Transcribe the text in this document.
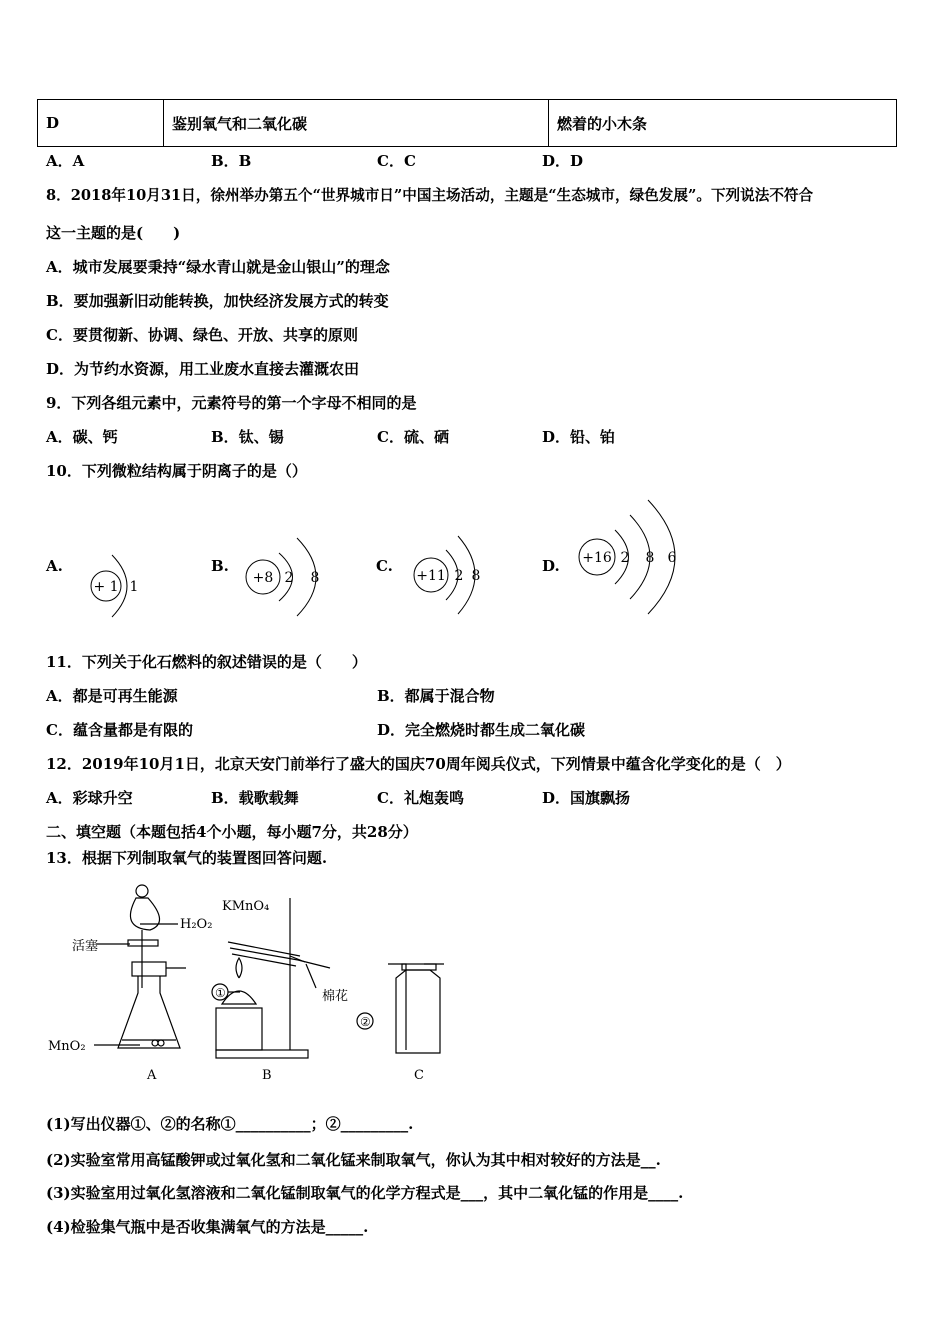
D	鉴别氧气和二氧化碳	燃着的小木条
A．A	B．B	C．C	D．D
8．2018年10月31日，徐州举办第五个“世界城市日”中国主场活动，主题是“生态城市，绿色发展”。下列说法不符合
这一主题的是(　　)
A．城市发展要秉持“绿水青山就是金山银山”的理念
B．要加强新旧动能转换，加快经济发展方式的转变
C．要贯彻新、协调、绿色、开放、共享的原则
D．为节约水资源，用工业废水直接去灌溉农田
9．下列各组元素中，元素符号的第一个字母不相同的是
A．碳、钙	B．钛、锡	C．硫、硒	D．铅、铂
10．下列微粒结构属于阴离子的是（）
A.
+ 1 1
B.
+8 2 8
C.
+11 2 8
D. +16 2 8 6
11．下列关于化石燃料的叙述错误的是（　　）
A．都是可再生能源	B．都属于混合物
C．蕴含量都是有限的	D．完全燃烧时都生成二氧化碳
12．2019年10月1日，北京天安门前举行了盛大的国庆70周年阅兵仪式，下列情景中蕴含化学变化的是（　）
A．彩球升空	B．载歌载舞	C．礼炮轰鸣	D．国旗飘扬
二、填空题（本题包括4个小题，每小题7分，共28分）
13．根据下列制取氧气的装置图回答问题.
H₂O₂
活塞
MnO₂
KMnO₄
棉花
①
②
A	B	C
(1)写出仪器①、②的名称①__________；②_________.
(2)实验室常用高锰酸钾或过氧化氢和二氧化锰来制取氧气，你认为其中相对较好的方法是__.
(3)实验室用过氧化氢溶液和二氧化锰制取氧气的化学方程式是___，其中二氧化锰的作用是____.
(4)检验集气瓶中是否收集满氧气的方法是_____.
